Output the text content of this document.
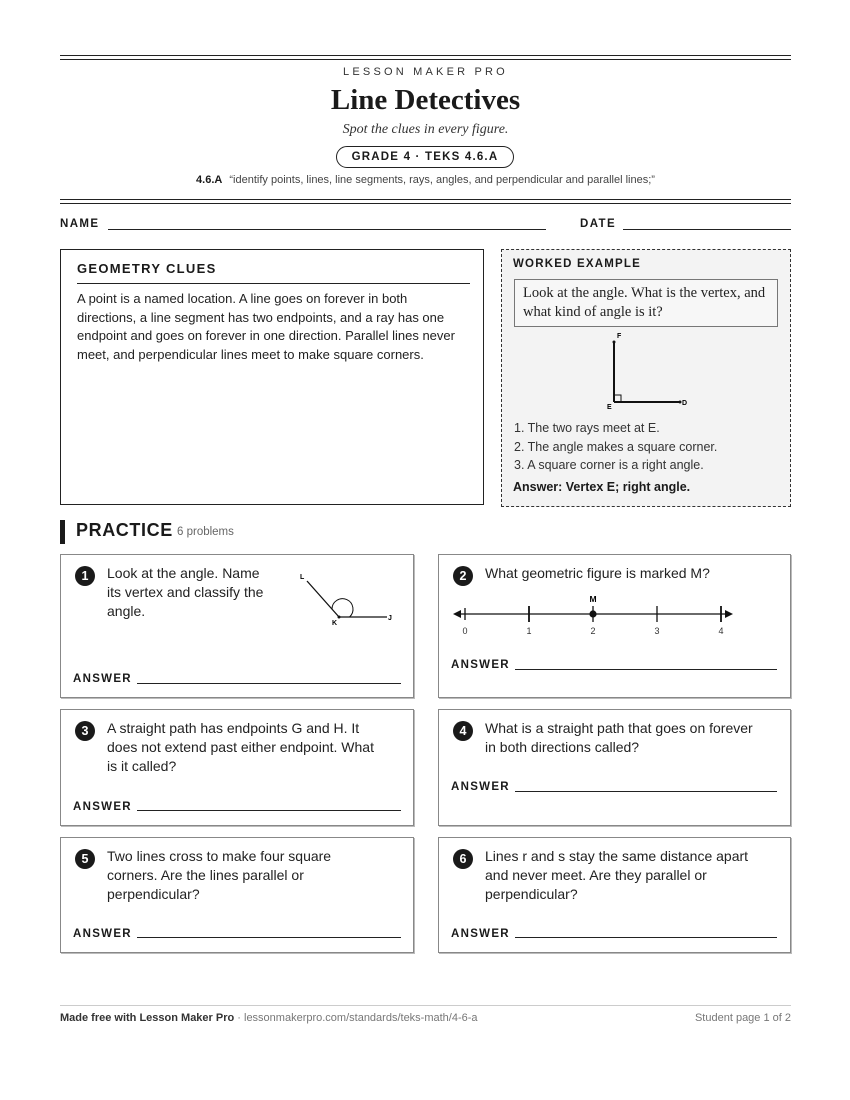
LESSON MAKER PRO
Line Detectives
Spot the clues in every figure.
GRADE 4 · TEKS 4.6.A
4.6.A “identify points, lines, line segments, rays, angles, and perpendicular and parallel lines;”
NAME	DATE
GEOMETRY CLUES
A point is a named location. A line goes on forever in both directions, a line segment has two endpoints, and a ray has one endpoint and goes on forever in one direction. Parallel lines never meet, and perpendicular lines meet to make square corners.
WORKED EXAMPLE
Look at the angle. What is the vertex, and what kind of angle is it?
F
E
D
1. The two rays meet at E.
2. The angle makes a square corner.
3. A square corner is a right angle.
Answer: Vertex E; right angle.
PRACTICE 6 problems
1	Look at the angle. Name
its vertex and classify the
angle.
L
K
J
ANSWER
2	What geometric figure is marked M?
M
0	1	2	3	4
ANSWER
3	A straight path has endpoints G and H. It
does not extend past either endpoint. What
is it called?
ANSWER
4	What is a straight path that goes on forever
in both directions called?
ANSWER
5	Two lines cross to make four square
corners. Are the lines parallel or
perpendicular?
ANSWER
6	Lines r and s stay the same distance apart
and never meet. Are they parallel or
perpendicular?
ANSWER
Made free with Lesson Maker Pro · lessonmakerpro.com/standards/teks-math/4-6-a	Student page 1 of 2
